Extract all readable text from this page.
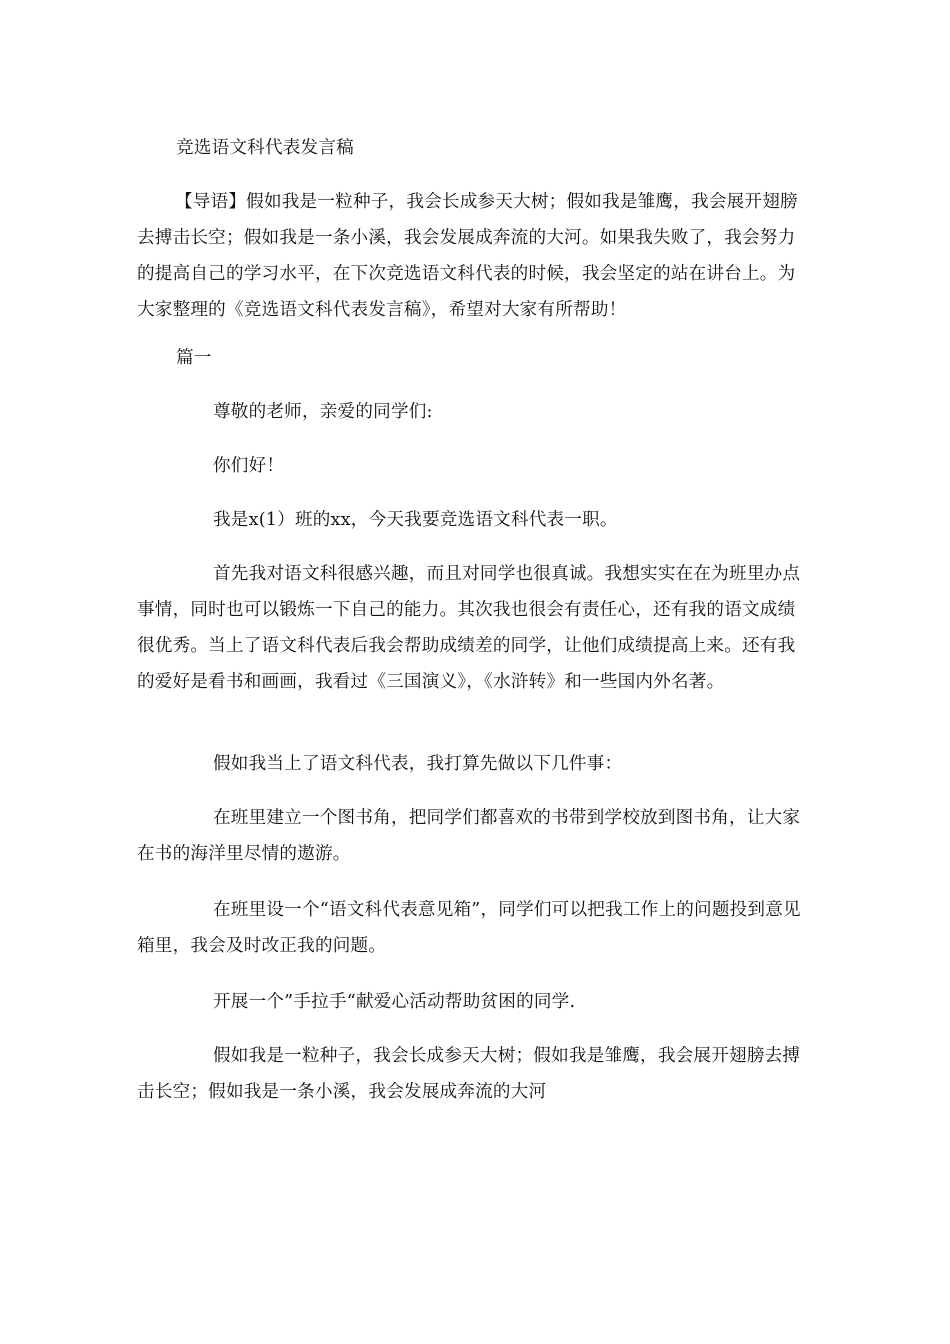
竞选语文科代表发言稿

【导语】假如我是一粒种子，我会长成参天大树；假如我是雏鹰，我会展开翅膀去搏击长空；假如我是一条小溪，我会发展成奔流的大河。如果我失败了，我会努力的提高自己的学习水平，在下次竞选语文科代表的时候，我会坚定的站在讲台上。为大家整理的《竞选语文科代表发言稿》，希望对大家有所帮助！

篇一

尊敬的老师，亲爱的同学们:

你们好！

我是x(1）班的xx，今天我要竞选语文科代表一职。

首先我对语文科很感兴趣，而且对同学也很真诚。我想实实在在为班里办点事情，同时也可以锻炼一下自己的能力。其次我也很会有责任心，还有我的语文成绩很优秀。当上了语文科代表后我会帮助成绩差的同学，让他们成绩提高上来。还有我的爱好是看书和画画，我看过《三国演义》，《水浒转》和一些国内外名著。

假如我当上了语文科代表，我打算先做以下几件事：

在班里建立一个图书角，把同学们都喜欢的书带到学校放到图书角，让大家在书的海洋里尽情的遨游。

在班里设一个“语文科代表意见箱”，同学们可以把我工作上的问题投到意见箱里，我会及时改正我的问题。

开展一个”手拉手“献爱心活动帮助贫困的同学.

假如我是一粒种子，我会长成参天大树；假如我是雏鹰，我会展开翅膀去搏击长空；假如我是一条小溪，我会发展成奔流的大河
